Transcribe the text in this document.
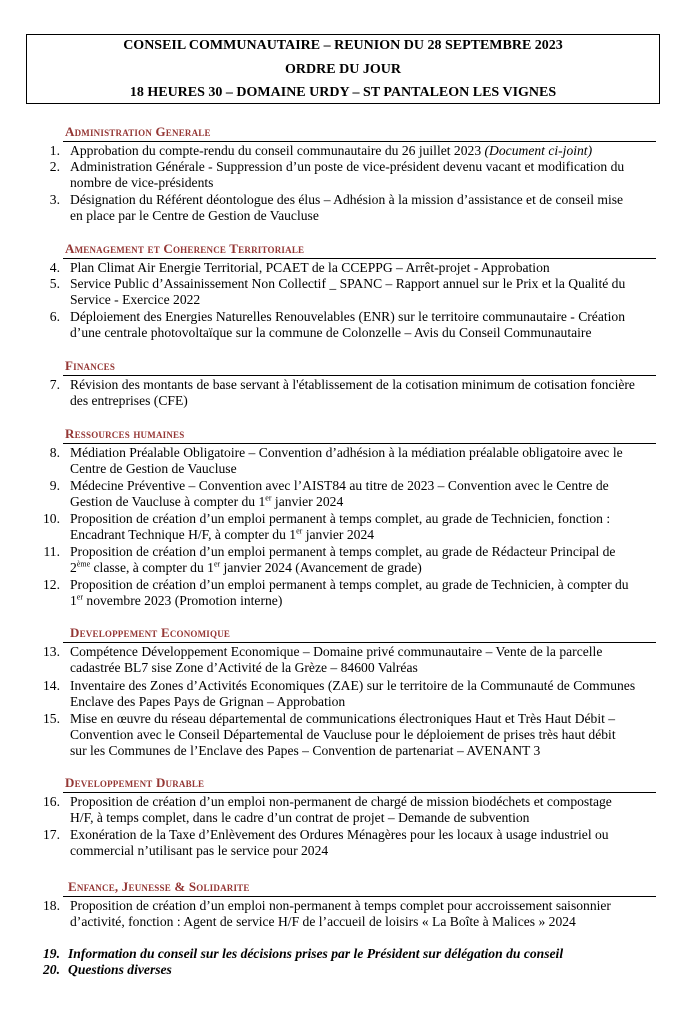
CONSEIL COMMUNAUTAIRE – REUNION DU 28 SEPTEMBRE 2023
ORDRE DU JOUR
18 HEURES 30 – DOMAINE URDY – ST PANTALEON LES VIGNES
Administration Generale
1. Approbation du compte-rendu du conseil communautaire du 26 juillet 2023 (Document ci-joint)
2. Administration Générale - Suppression d’un poste de vice-président devenu vacant et modification du
nombre de vice-présidents
3. Désignation du Référent déontologue des élus – Adhésion à la mission d’assistance et de conseil mise
en place par le Centre de Gestion de Vaucluse
Amenagement et Coherence Territoriale
4. Plan Climat Air Energie Territorial, PCAET de la CCEPPG – Arrêt-projet - Approbation
5. Service Public d’Assainissement Non Collectif _ SPANC – Rapport annuel sur le Prix et la Qualité du
Service - Exercice 2022
6. Déploiement des Energies Naturelles Renouvelables (ENR) sur le territoire communautaire - Création
d’une centrale photovoltaïque sur la commune de Colonzelle – Avis du Conseil Communautaire
Finances
7. Révision des montants de base servant à l'établissement de la cotisation minimum de cotisation foncière
des entreprises (CFE)
Ressources humaines
8. Médiation Préalable Obligatoire – Convention d’adhésion à la médiation préalable obligatoire avec le
Centre de Gestion de Vaucluse
9. Médecine Préventive – Convention avec l’AIST84 au titre de 2023 – Convention avec le Centre de
Gestion de Vaucluse à compter du 1er janvier 2024
10. Proposition de création d’un emploi permanent à temps complet, au grade de Technicien, fonction :
Encadrant Technique H/F, à compter du 1er janvier 2024
11. Proposition de création d’un emploi permanent à temps complet, au grade de Rédacteur Principal de
2ème classe, à compter du 1er janvier 2024 (Avancement de grade)
12. Proposition de création d’un emploi permanent à temps complet, au grade de Technicien, à compter du
1er novembre 2023 (Promotion interne)
Developpement Economique
13. Compétence Développement Economique – Domaine privé communautaire – Vente de la parcelle
cadastrée BL7 sise Zone d’Activité de la Grèze – 84600 Valréas
14. Inventaire des Zones d’Activités Economiques (ZAE) sur le territoire de la Communauté de Communes
Enclave des Papes Pays de Grignan – Approbation
15. Mise en œuvre du réseau départemental de communications électroniques Haut et Très Haut Débit –
Convention avec le Conseil Départemental de Vaucluse pour le déploiement de prises très haut débit
sur les Communes de l’Enclave des Papes – Convention de partenariat – AVENANT 3
Developpement Durable
16. Proposition de création d’un emploi non-permanent de chargé de mission biodéchets et compostage
H/F, à temps complet, dans le cadre d’un contrat de projet – Demande de subvention
17. Exonération de la Taxe d’Enlèvement des Ordures Ménagères pour les locaux à usage industriel ou
commercial n’utilisant pas le service pour 2024
Enfance, Jeunesse & Solidarite
18. Proposition de création d’un emploi non-permanent à temps complet pour accroissement saisonnier
d’activité, fonction : Agent de service H/F de l’accueil de loisirs « La Boîte à Malices » 2024
19. Information du conseil sur les décisions prises par le Président sur délégation du conseil
20. Questions diverses
